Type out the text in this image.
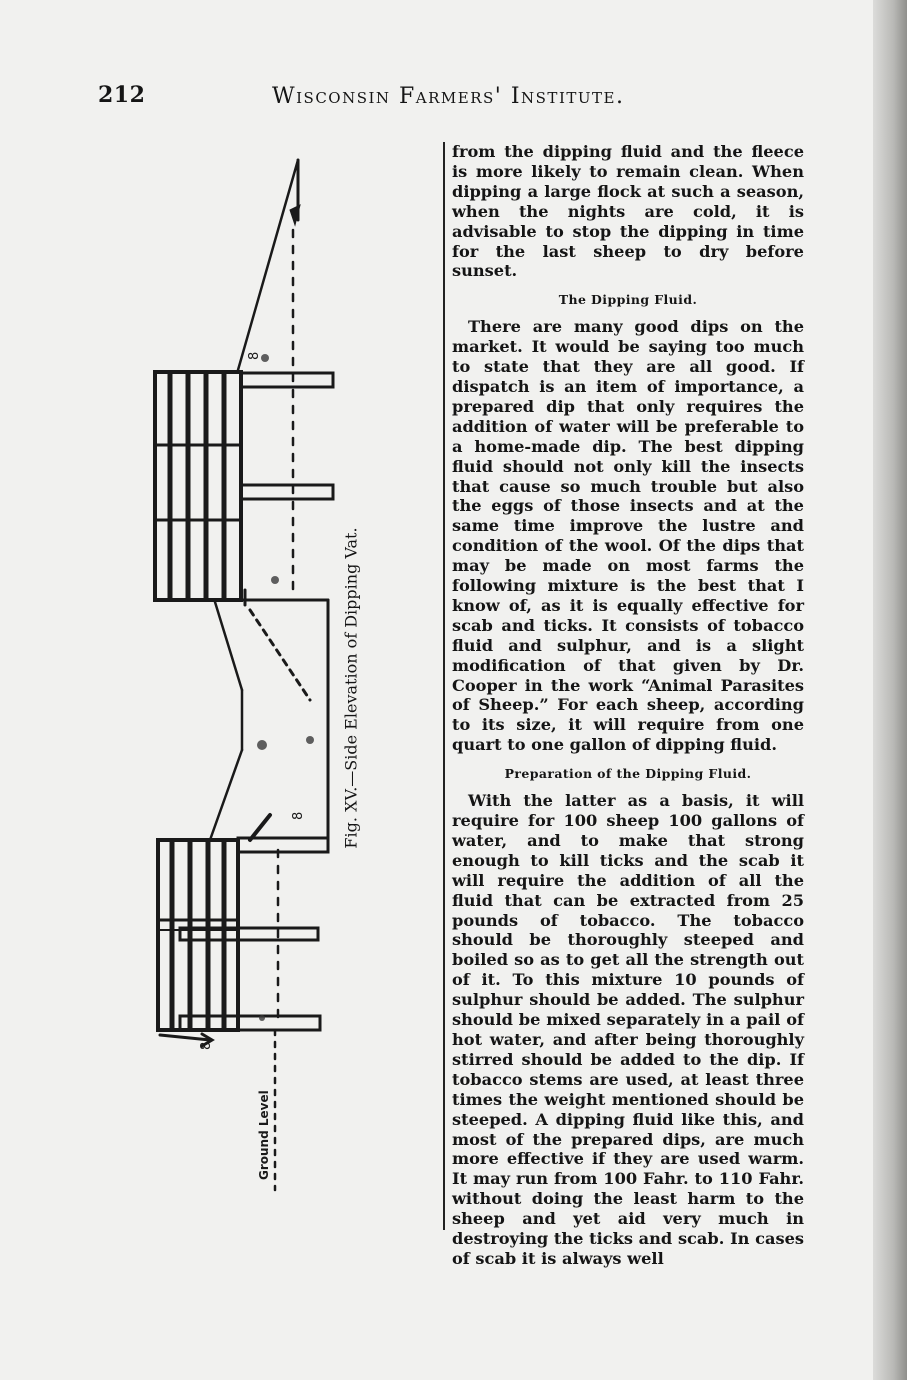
212	Wisconsin Farmers' Institute.
8
8
8
Ground Level
Fig. XV.—Side Elevation of Dipping Vat.

from the dipping fluid and the fleece is more likely to remain clean. When dipping a large flock at such a season, when the nights are cold, it is advisable to stop the dipping in time for the last sheep to dry before sunset.

The Dipping Fluid.

There are many good dips on the market. It would be saying too much to state that they are all good. If dispatch is an item of importance, a prepared dip that only requires the addition of water will be preferable to a home-made dip. The best dipping fluid should not only kill the insects that cause so much trouble but also the eggs of those insects and at the same time improve the lustre and condition of the wool. Of the dips that may be made on most farms the following mixture is the best that I know of, as it is equally effective for scab and ticks. It consists of tobacco fluid and sulphur, and is a slight modification of that given by Dr. Cooper in the work “Animal Parasites of Sheep.” For each sheep, according to its size, it will require from one quart to one gallon of dipping fluid.

Preparation of the Dipping Fluid.

With the latter as a basis, it will require for 100 sheep 100 gallons of water, and to make that strong enough to kill ticks and the scab it will require the addition of all the fluid that can be extracted from 25 pounds of tobacco. The tobacco should be thoroughly steeped and boiled so as to get all the strength out of it. To this mixture 10 pounds of sulphur should be added. The sulphur should be mixed separately in a pail of hot water, and after being thoroughly stirred should be added to the dip. If tobacco stems are used, at least three times the weight mentioned should be steeped. A dipping fluid like this, and most of the prepared dips, are much more effective if they are used warm. It may run from 100 Fahr. to 110 Fahr. without doing the least harm to the sheep and yet aid very much in destroying the ticks and scab. In cases of scab it is always well
